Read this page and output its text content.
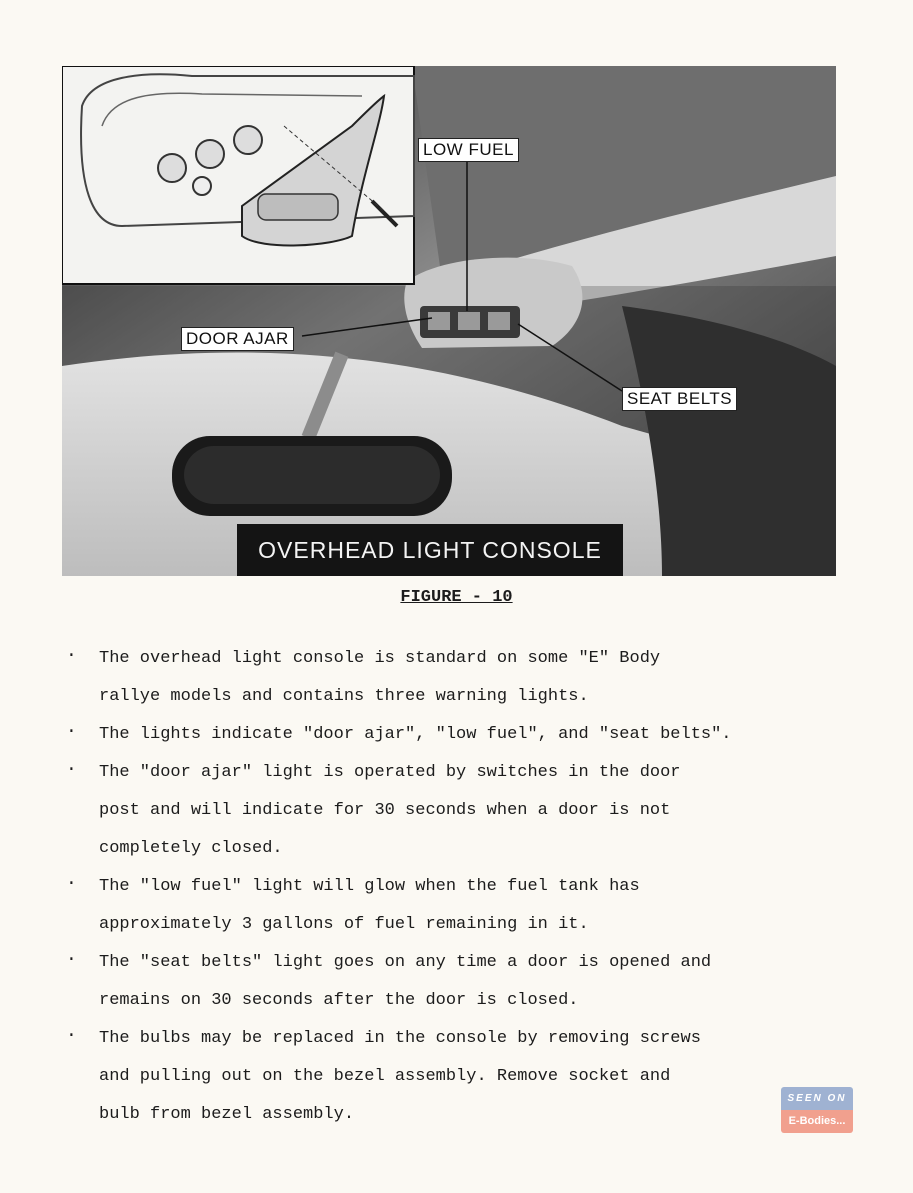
LOW FUEL
DOOR AJAR
SEAT BELTS
OVERHEAD LIGHT CONSOLE
FIGURE - 10
. The overhead light console is standard on some "E" Body
rallye models and contains three warning lights.
. The lights indicate "door ajar", "low fuel", and "seat belts".
. The "door ajar" light is operated by switches in the door
post and will indicate for 30 seconds when a door is not
completely closed.
. The "low fuel" light will glow when the fuel tank has
approximately 3 gallons of fuel remaining in it.
. The "seat belts" light goes on any time a door is opened and
remains on 30 seconds after the door is closed.
. The bulbs may be replaced in the console by removing screws
and pulling out on the bezel assembly. Remove socket and
bulb from bezel assembly.
SEEN ON
E-Bodies...
